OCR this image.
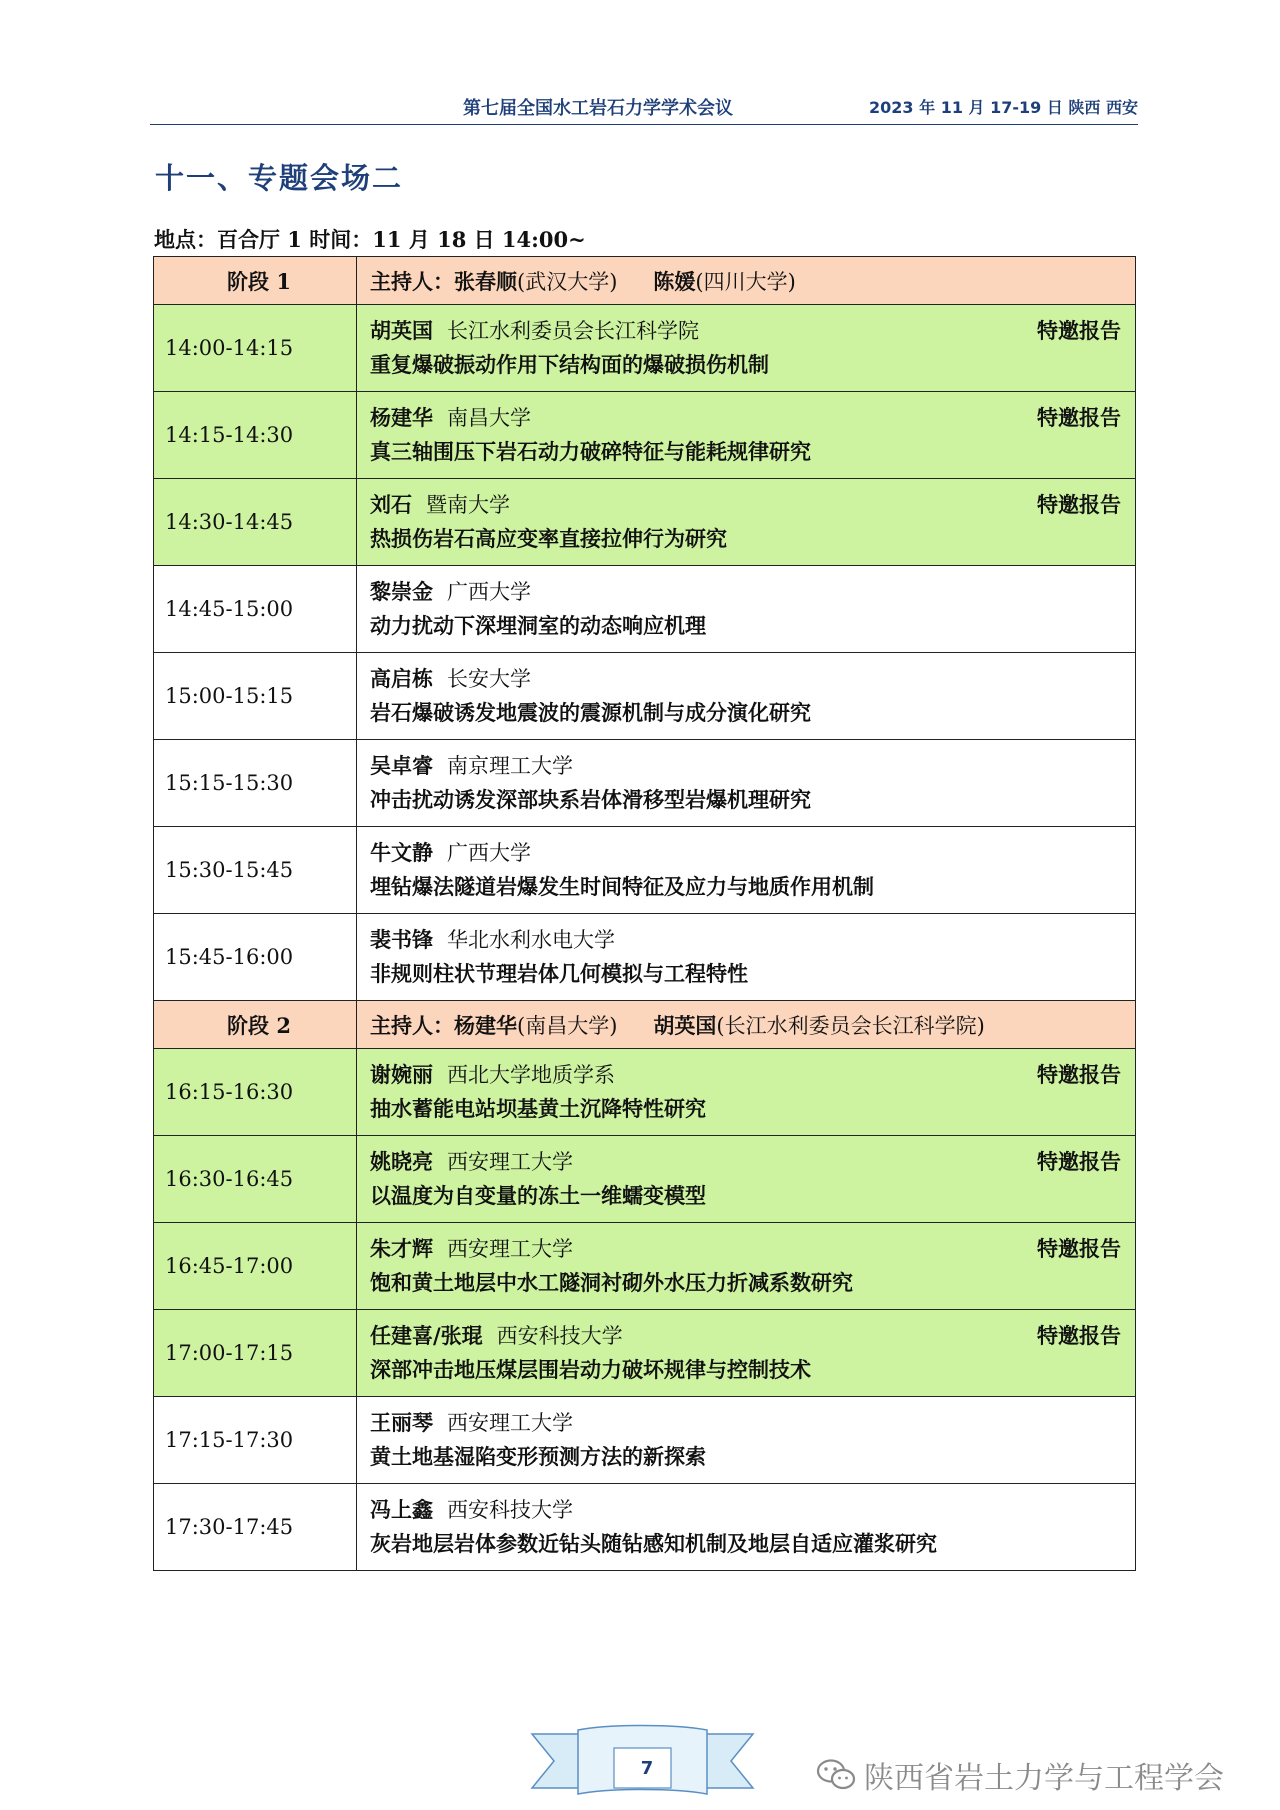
第七届全国水工岩石力学学术会议	2023 年 11 月 17-19 日 陕西 西安
十一、专题会场二
地点：百合厅 1 时间：11 月 18 日 14:00~
阶段 1	主持人：张春顺(武汉大学) 陈媛(四川大学)

14:00-14:15	胡英国 长江水利委员会长江科学院 特邀报告
重复爆破振动作用下结构面的爆破损伤机制

14:15-14:30	杨建华 南昌大学 特邀报告
真三轴围压下岩石动力破碎特征与能耗规律研究

14:30-14:45	刘石 暨南大学 特邀报告
热损伤岩石高应变率直接拉伸行为研究

14:45-15:00	黎崇金 广西大学
动力扰动下深埋洞室的动态响应机理

15:00-15:15	高启栋 长安大学
岩石爆破诱发地震波的震源机制与成分演化研究

15:15-15:30	吴卓睿 南京理工大学
冲击扰动诱发深部块系岩体滑移型岩爆机理研究

15:30-15:45	牛文静 广西大学
埋钻爆法隧道岩爆发生时间特征及应力与地质作用机制

15:45-16:00	裴书锋 华北水利水电大学
非规则柱状节理岩体几何模拟与工程特性

阶段 2	主持人：杨建华(南昌大学) 胡英国(长江水利委员会长江科学院)

16:15-16:30	谢婉丽 西北大学地质学系 特邀报告
抽水蓄能电站坝基黄土沉降特性研究

16:30-16:45	姚晓亮 西安理工大学 特邀报告
以温度为自变量的冻土一维蠕变模型

16:45-17:00	朱才辉 西安理工大学 特邀报告
饱和黄土地层中水工隧洞衬砌外水压力折减系数研究

17:00-17:15	任建喜/张琨 西安科技大学 特邀报告
深部冲击地压煤层围岩动力破坏规律与控制技术

17:15-17:30	王丽琴 西安理工大学
黄土地基湿陷变形预测方法的新探索

17:30-17:45	冯上鑫 西安科技大学
灰岩地层岩体参数近钻头随钻感知机制及地层自适应灌浆研究
7	陕西省岩土力学与工程学会
